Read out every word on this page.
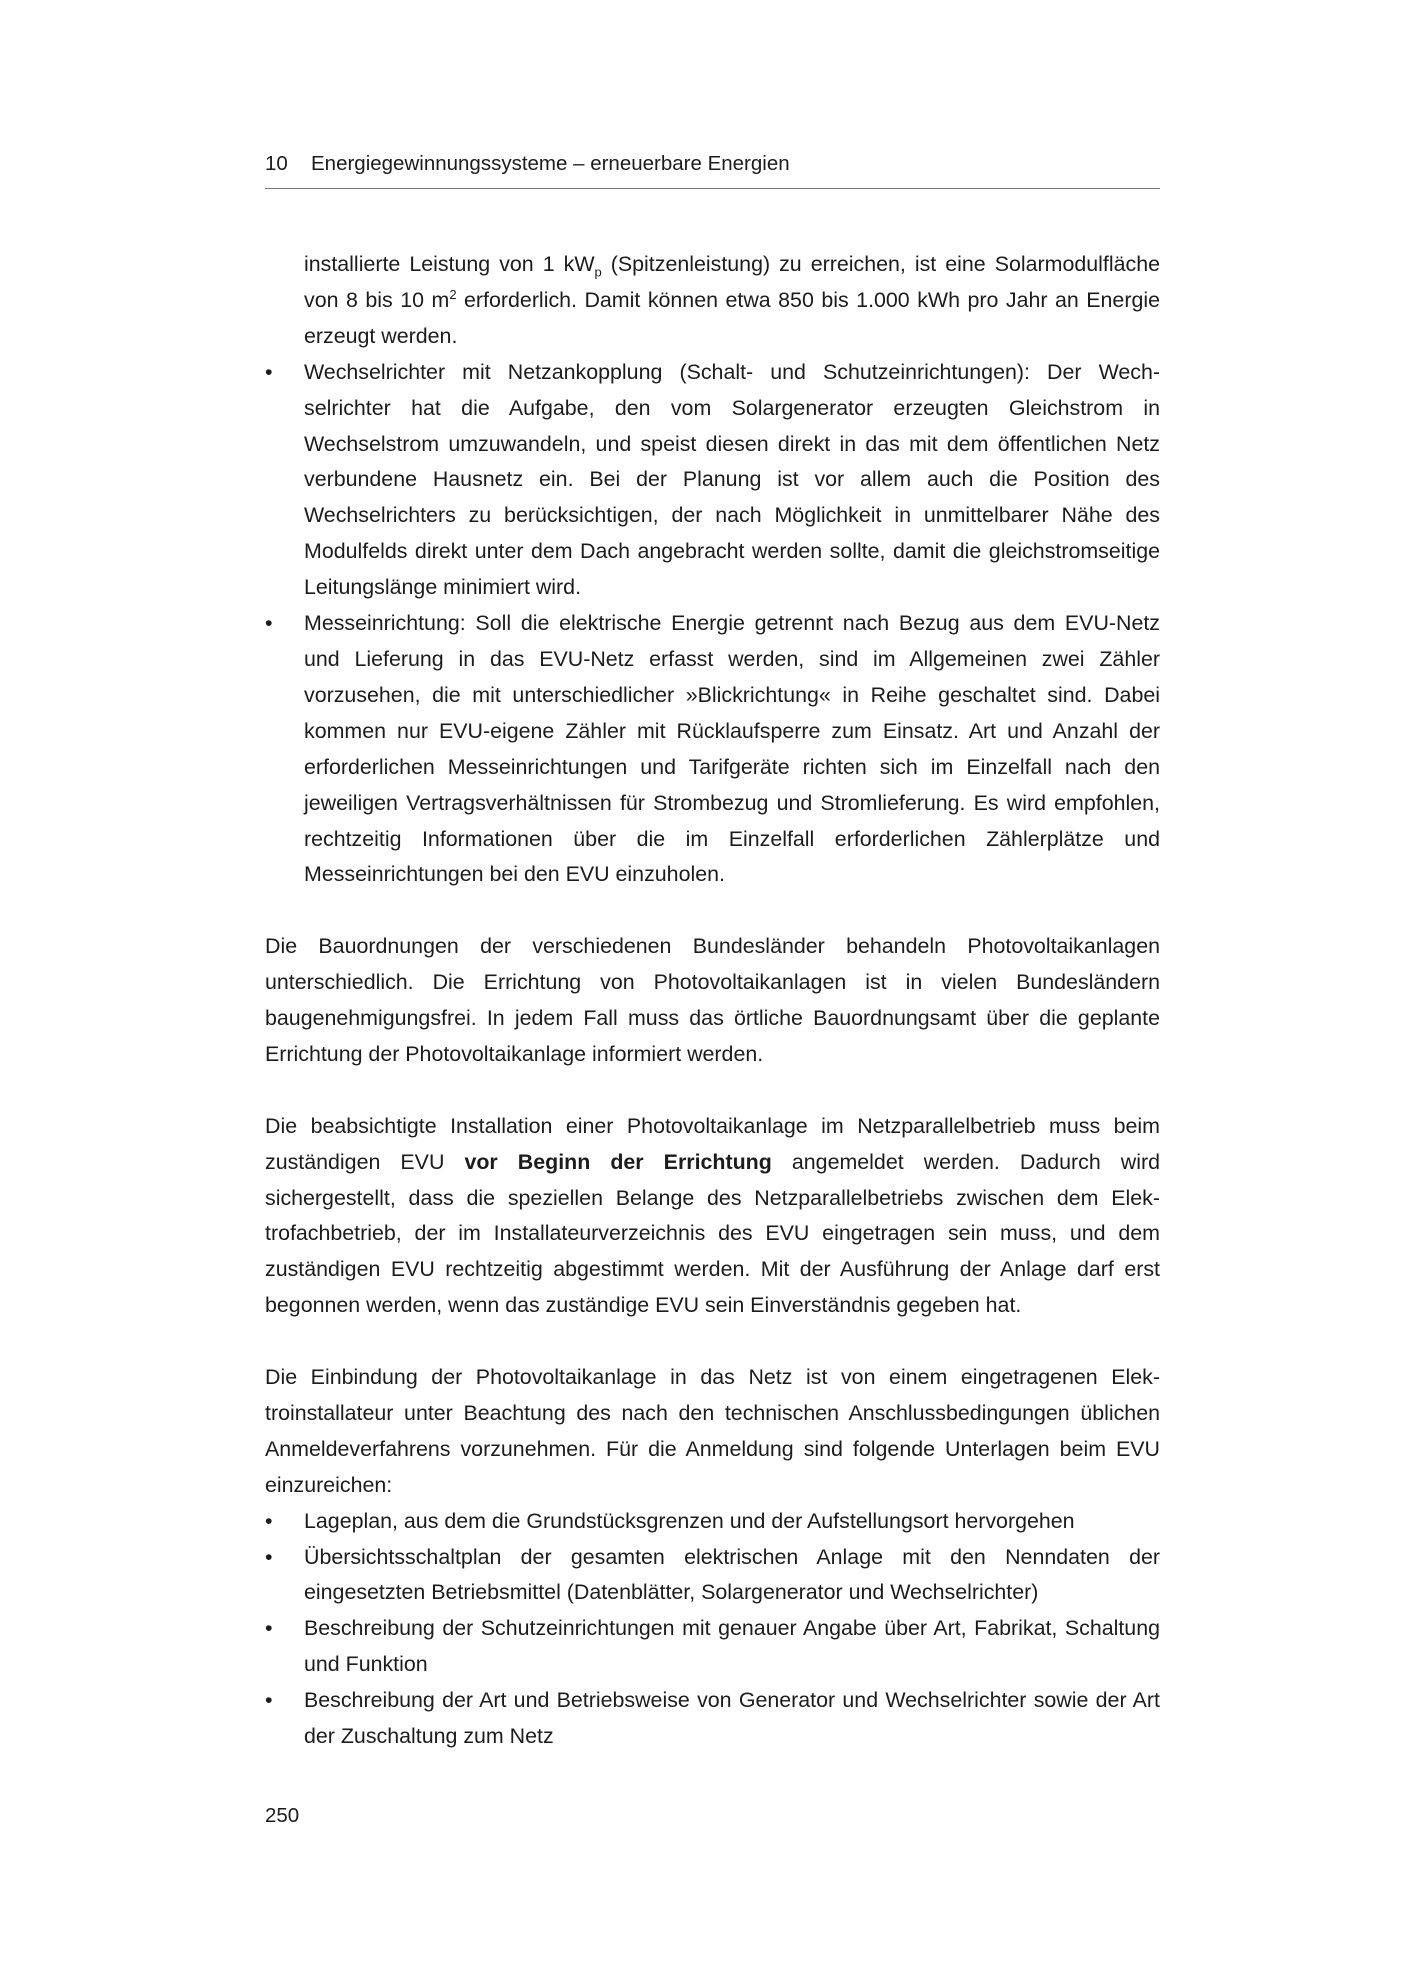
10 Energiegewinnungssysteme – erneuerbare Energien

installierte Leistung von 1 $kW_p$ (Spitzenleistung) zu erreichen, ist eine Solarmodulfläche von 8 bis 10 $m^2$ erforderlich. Damit können etwa 850 bis 1.000 kWh pro Jahr an Energie erzeugt werden.

•	Wechselrichter mit Netzankopplung (Schalt- und Schutzeinrichtungen): Der Wechselrichter hat die Aufgabe, den vom Solargenerator erzeugten Gleichstrom in Wechselstrom umzuwandeln, und speist diesen direkt in das mit dem öffentlichen Netz verbundene Hausnetz ein. Bei der Planung ist vor allem auch die Position des Wechselrichters zu berücksichtigen, der nach Möglichkeit in unmittelbarer Nähe des Modulfelds direkt unter dem Dach angebracht werden sollte, damit die gleichstromseitige Leitungslänge minimiert wird.
•	Messeinrichtung: Soll die elektrische Energie getrennt nach Bezug aus dem EVU-Netz und Lieferung in das EVU-Netz erfasst werden, sind im Allgemeinen zwei Zähler vorzusehen, die mit unterschiedlicher »Blickrichtung« in Reihe geschaltet sind. Dabei kommen nur EVU-eigene Zähler mit Rücklaufsperre zum Einsatz. Art und Anzahl der erforderlichen Messeinrichtungen und Tarifgeräte richten sich im Einzelfall nach den jeweiligen Vertragsverhältnissen für Strombezug und Stromlieferung. Es wird empfohlen, rechtzeitig Informationen über die im Einzelfall erforderlichen Zählerplätze und Messeinrichtungen bei den EVU einzuholen.

Die Bauordnungen der verschiedenen Bundesländer behandeln Photovoltaikanlagen unterschiedlich. Die Errichtung von Photovoltaikanlagen ist in vielen Bundesländern baugenehmigungsfrei. In jedem Fall muss das örtliche Bauordnungsamt über die geplante Errichtung der Photovoltaikanlage informiert werden.

Die beabsichtigte Installation einer Photovoltaikanlage im Netzparallelbetrieb muss beim zuständigen EVU vor Beginn der Errichtung angemeldet werden. Dadurch wird sichergestellt, dass die speziellen Belange des Netzparallelbetriebs zwischen dem Elektrofachbetrieb, der im Installateurverzeichnis des EVU eingetragen sein muss, und dem zuständigen EVU rechtzeitig abgestimmt werden. Mit der Ausführung der Anlage darf erst begonnen werden, wenn das zuständige EVU sein Einverständnis gegeben hat.

Die Einbindung der Photovoltaikanlage in das Netz ist von einem eingetragenen Elektroinstallateur unter Beachtung des nach den technischen Anschlussbedingungen üblichen Anmeldeverfahrens vorzunehmen. Für die Anmeldung sind folgende Unterlagen beim EVU einzureichen:

•	Lageplan, aus dem die Grundstücksgrenzen und der Aufstellungsort hervorgehen
•	Übersichtsschaltplan der gesamten elektrischen Anlage mit den Nenndaten der eingesetzten Betriebsmittel (Datenblätter, Solargenerator und Wechselrichter)
•	Beschreibung der Schutzeinrichtungen mit genauer Angabe über Art, Fabrikat, Schaltung und Funktion
•	Beschreibung der Art und Betriebsweise von Generator und Wechselrichter sowie der Art der Zuschaltung zum Netz
250
